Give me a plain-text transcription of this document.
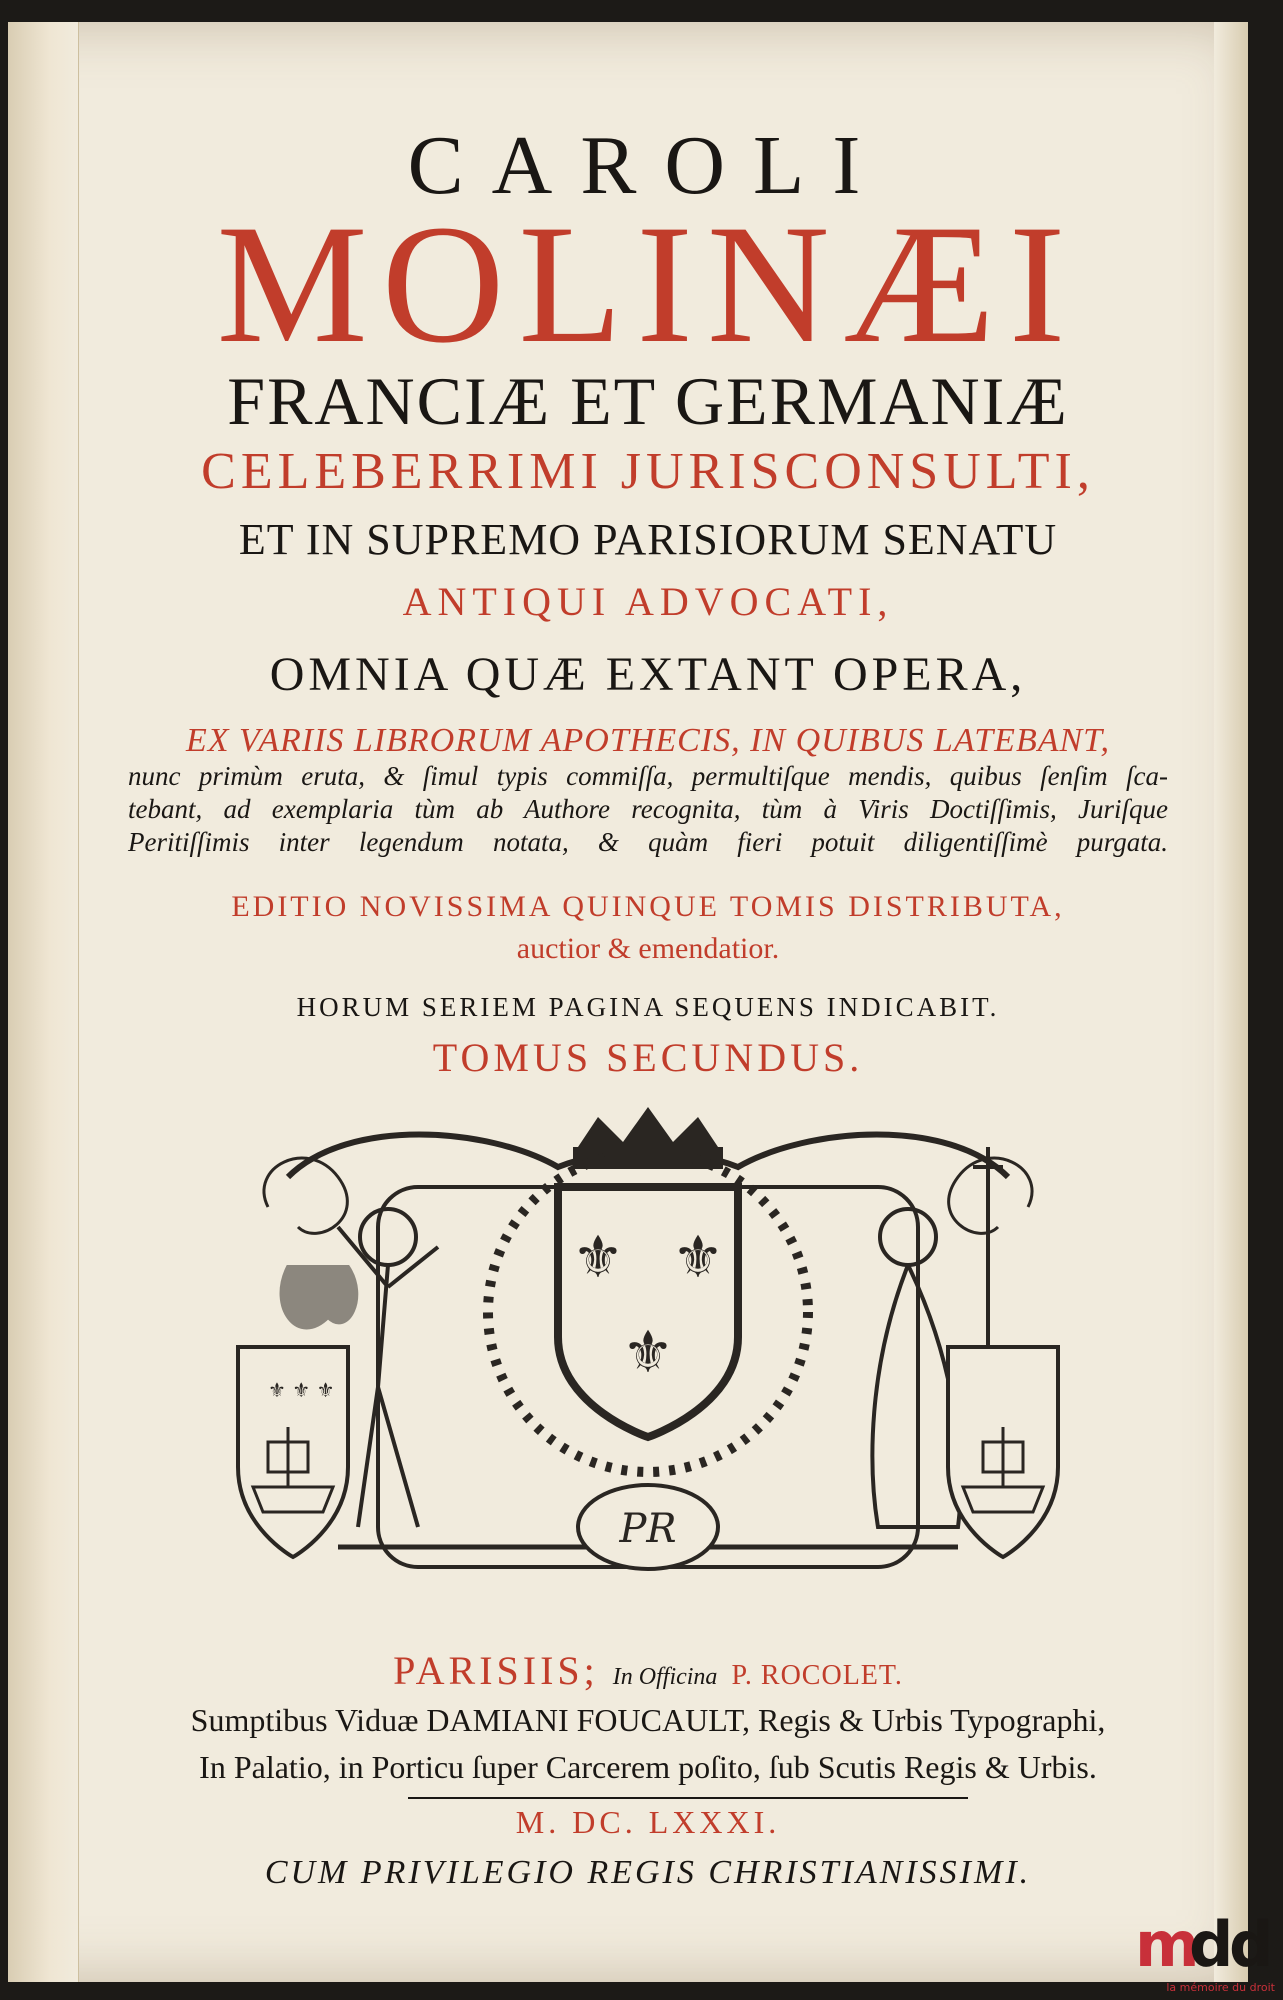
CAROLI
MOLINÆI
FRANCIÆ ET GERMANIÆ
CELEBERRIMI JURISCONSULTI,
ET IN SUPREMO PARISIORUM SENATU
ANTIQUI ADVOCATI,
OMNIA QUÆ EXTANT OPERA,
EX VARIIS LIBRORUM APOTHECIS, IN QUIBUS LATEBANT,
nunc primùm eruta, & ſimul typis commiſſa, permultiſque mendis, quibus ſenſim ſca-
tebant, ad exemplaria tùm ab Authore recognita, tùm à Viris Doctiſſimis, Juriſque
Peritiſſimis inter legendum notata, & quàm fieri potuit diligentiſſimè purgata.
EDITIO NOVISSIMA QUINQUE TOMIS DISTRIBUTA,
auctior & emendatior.
HORUM SERIEM PAGINA SEQUENS INDICABIT.
TOMUS SECUNDUS.
⚜ ⚜
⚜
⚜ ⚜ ⚜
PR
PARISIIS; In Officina P. ROCOLET.
Sumptibus Viduæ DAMIANI FOUCAULT, Regis & Urbis Typographi,
In Palatio, in Porticu ſuper Carcerem poſito, ſub Scutis Regis & Urbis.
M. DC. LXXXI.
CUM PRIVILEGIO REGIS CHRISTIANISSIMI.
m
d
d
la mémoire du droit
